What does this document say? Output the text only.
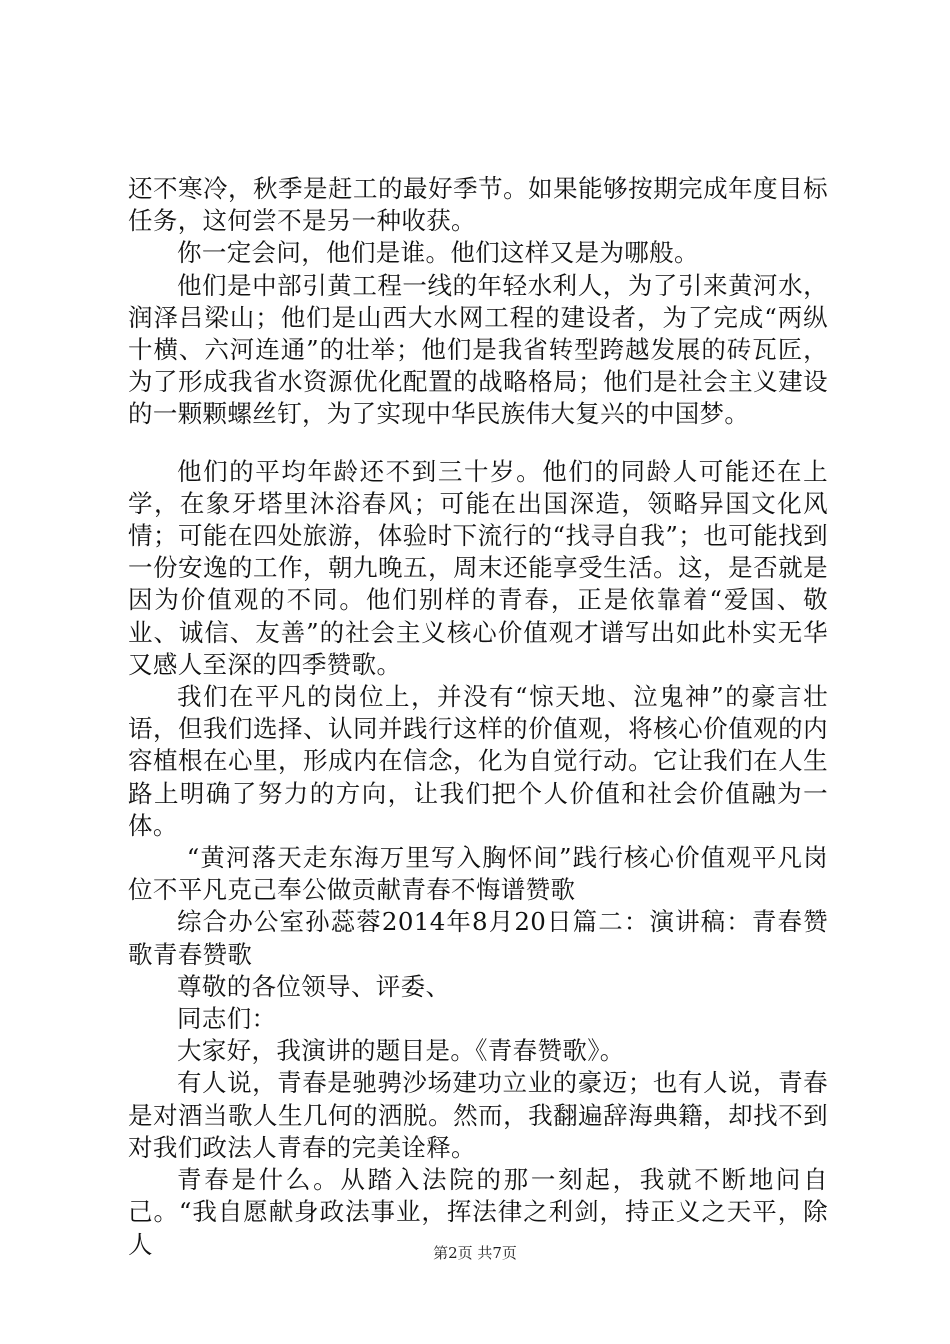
还不寒冷，秋季是赶工的最好季节。如果能够按期完成年度目标任务，这何尝不是另一种收获。

你一定会问，他们是谁。他们这样又是为哪般。

他们是中部引黄工程一线的年轻水利人，为了引来黄河水，润泽吕梁山；他们是山西大水网工程的建设者，为了完成“两纵十横、六河连通”的壮举；他们是我省转型跨越发展的砖瓦匠，为了形成我省水资源优化配置的战略格局；他们是社会主义建设的一颗颗螺丝钉，为了实现中华民族伟大复兴的中国梦。

他们的平均年龄还不到三十岁。他们的同龄人可能还在上学，在象牙塔里沐浴春风；可能在出国深造，领略异国文化风情；可能在四处旅游，体验时下流行的“找寻自我”；也可能找到一份安逸的工作，朝九晚五，周末还能享受生活。这，是否就是因为价值观的不同。他们别样的青春，正是依靠着“爱国、敬业、诚信、友善”的社会主义核心价值观才谱写出如此朴实无华又感人至深的四季赞歌。

我们在平凡的岗位上，并没有“惊天地、泣鬼神”的豪言壮语，但我们选择、认同并践行这样的价值观，将核心价值观的内容植根在心里，形成内在信念，化为自觉行动。它让我们在人生路上明确了努力的方向，让我们把个人价值和社会价值融为一体。

“黄河落天走东海万里写入胸怀间”践行核心价值观平凡岗位不平凡克己奉公做贡献青春不悔谱赞歌

综合办公室孙蕊蓉2014年8月20日篇二：演讲稿：青春赞歌青春赞歌

尊敬的各位领导、评委、

同志们：

大家好，我演讲的题目是。《青春赞歌》。

有人说，青春是驰骋沙场建功立业的豪迈；也有人说，青春是对酒当歌人生几何的洒脱。然而，我翻遍辞海典籍，却找不到对我们政法人青春的完美诠释。

青春是什么。从踏入法院的那一刻起，我就不断地问自己。“我自愿献身政法事业，挥法律之利剑，持正义之天平，除人	第2页 共7页
